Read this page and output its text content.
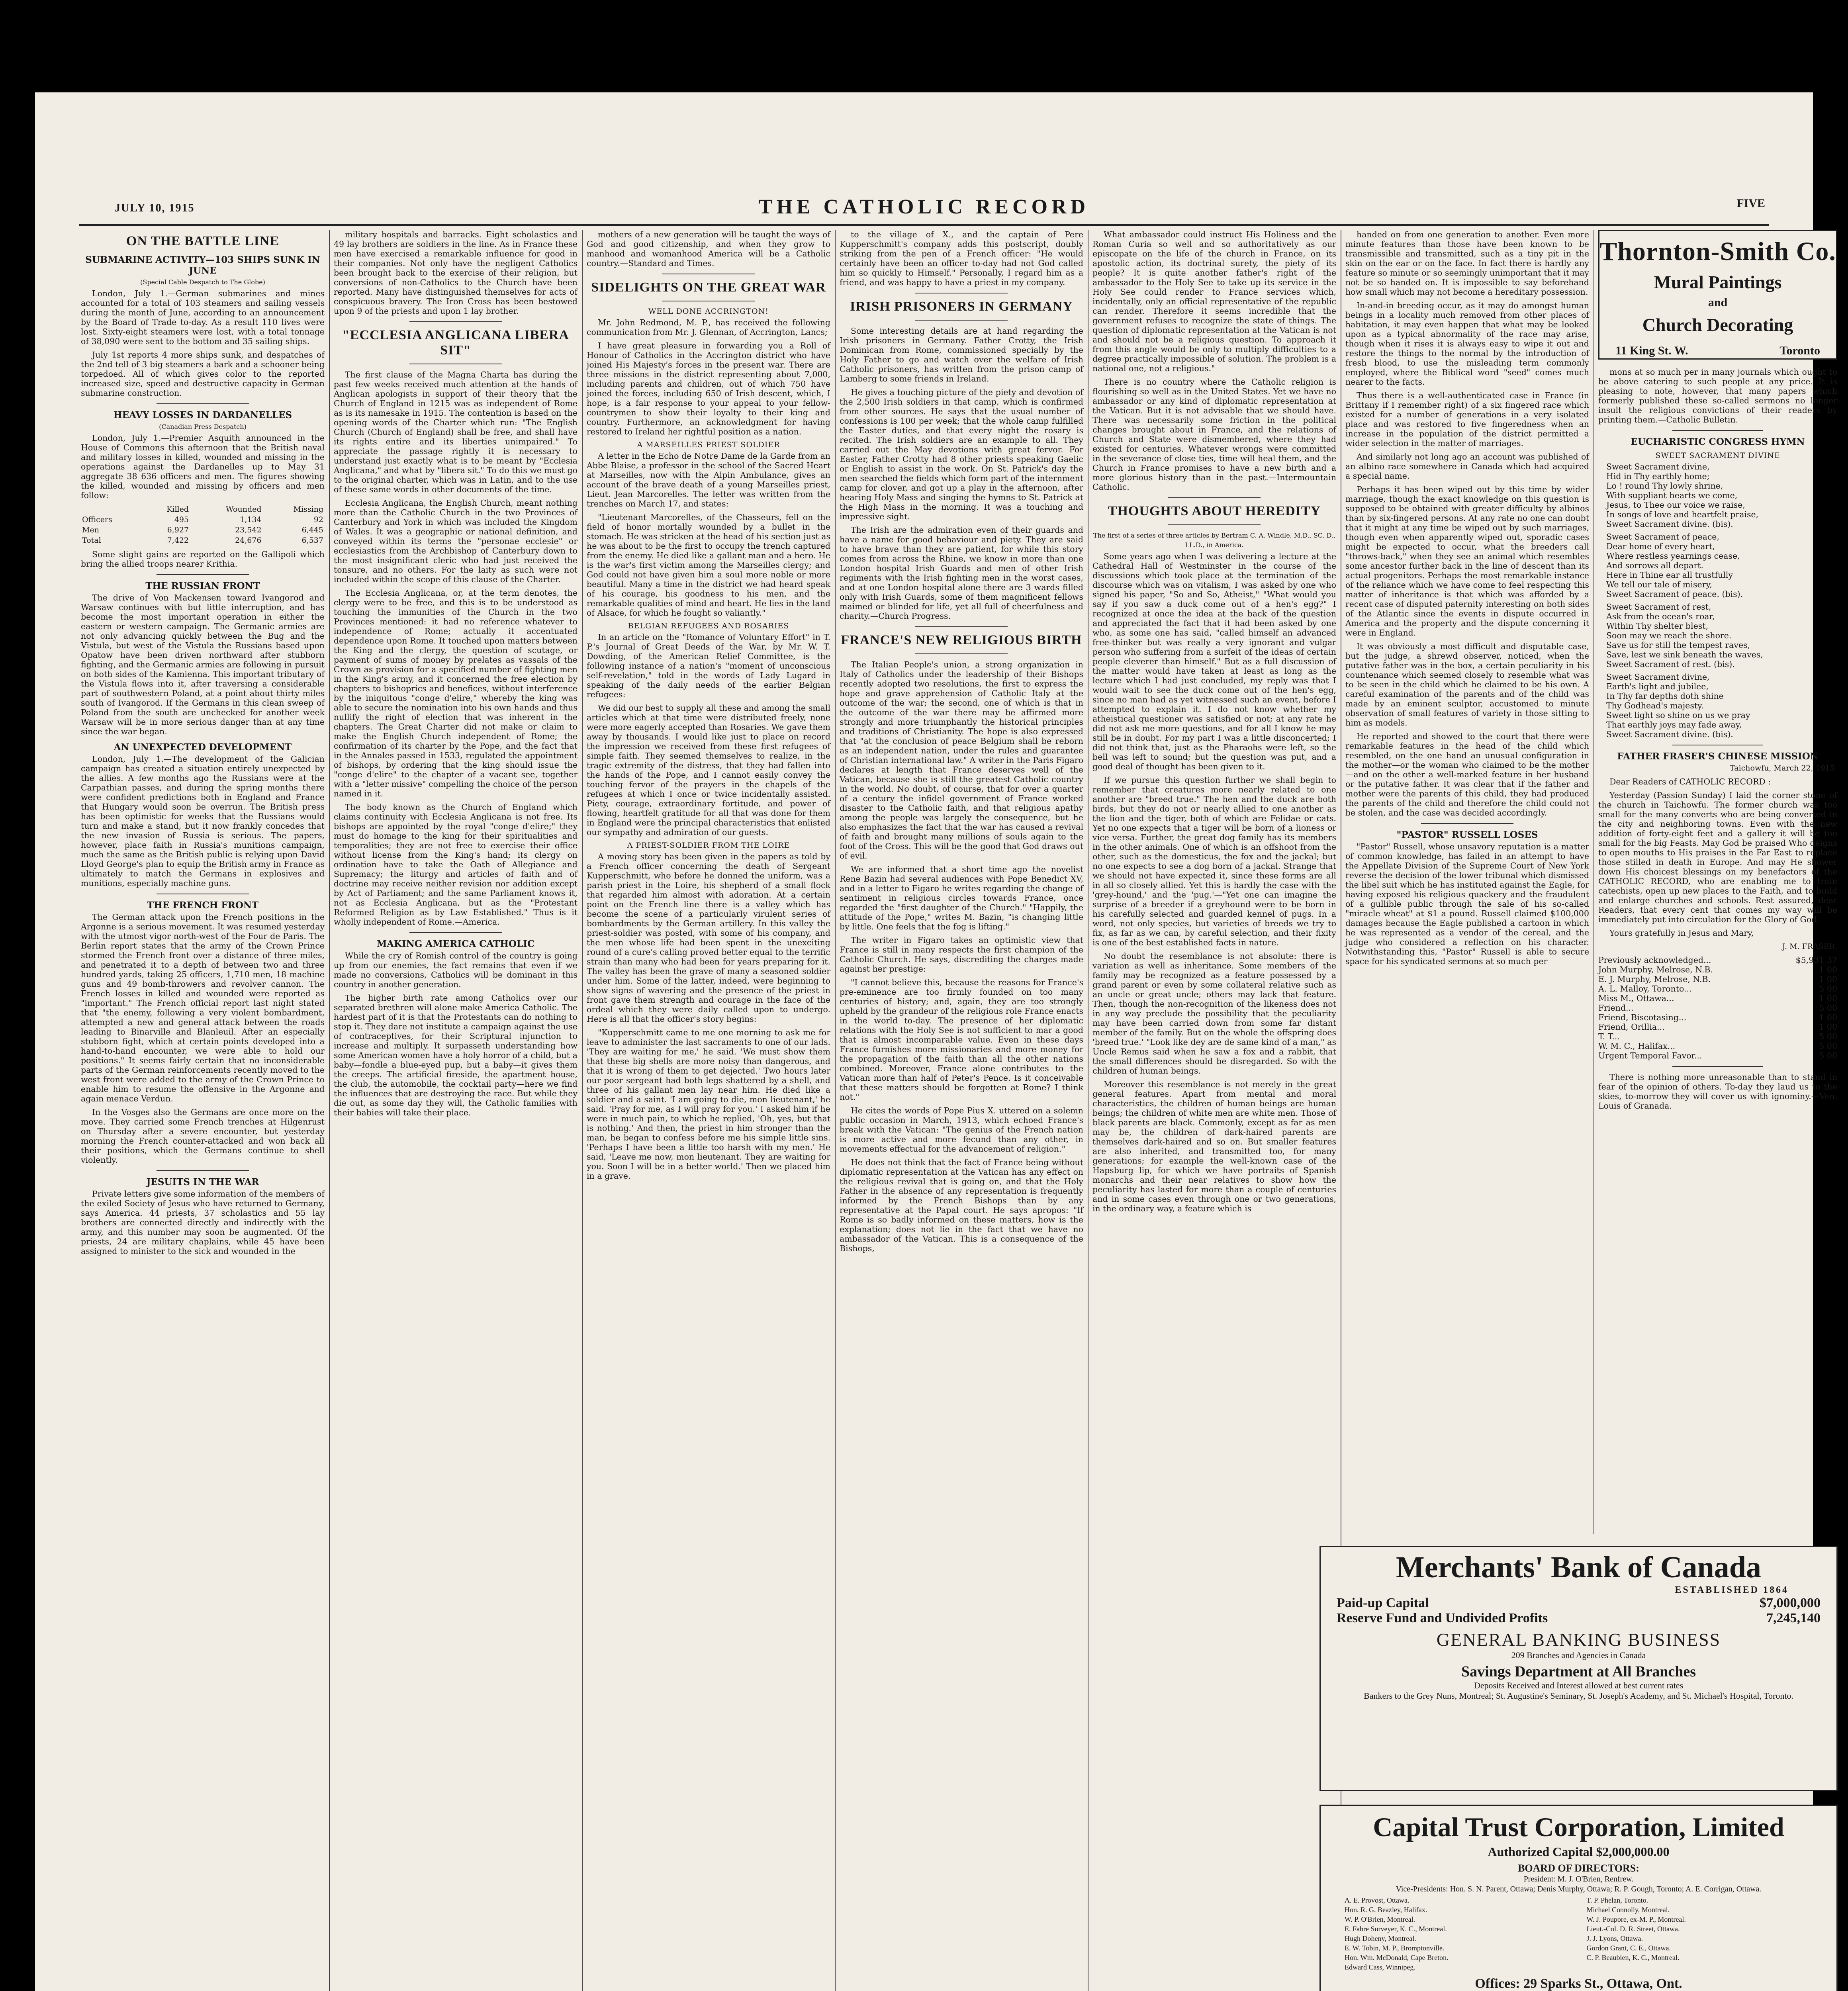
JULY 10, 1915	THE CATHOLIC RECORD	FIVE
ON THE BATTLE LINE
SUBMARINE ACTIVITY—103 SHIPS SUNK IN JUNE
(Special Cable Despatch to The Globe)

London, July 1.—German submarines and mines accounted for a total of 103 steamers and sailing vessels during the month of June, according to an announcement by the Board of Trade to-day. As a result 110 lives were lost. Sixty-eight steamers were lost, with a total tonnage of 38,090 were sent to the bottom and 35 sailing ships.

July 1st reports 4 more ships sunk, and despatches of the 2nd tell of 3 big steamers a bark and a schooner being torpedoed. All of which gives color to the reported increased size, speed and destructive capacity in German submarine construction.

HEAVY LOSSES IN DARDANELLES
(Canadian Press Despatch)

London, July 1.—Premier Asquith announced in the House of Commons this afternoon that the British naval and military losses in killed, wounded and missing in the operations against the Dardanelles up to May 31 aggregate 38 636 officers and men. The figures showing the killed, wounded and missing by officers and men follow:

	Killed	Wounded	Missing
Officers	495	1,134	92
Men	6,927	23,542	6,445
Total	7,422	24,676	6,537

Some slight gains are reported on the Gallipoli which bring the allied troops nearer Krithia.

THE RUSSIAN FRONT

The drive of Von Mackensen toward Ivangorod and Warsaw continues with but little interruption, and has become the most important operation in either the eastern or western campaign. The Germanic armies are not only advancing quickly between the Bug and the Vistula, but west of the Vistula the Russians based upon Opatow have been driven northward after stubborn fighting, and the Germanic armies are following in pursuit on both sides of the Kamienna. This important tributary of the Vistula flows into it, after traversing a considerable part of southwestern Poland, at a point about thirty miles south of Ivangorod. If the Germans in this clean sweep of Poland from the south are unchecked for another week Warsaw will be in more serious danger than at any time since the war began.

AN UNEXPECTED DEVELOPMENT

London, July 1.—The development of the Galician campaign has created a situation entirely unexpected by the allies. A few months ago the Russians were at the Carpathian passes, and during the spring months there were confident predictions both in England and France that Hungary would soon be overrun. The British press has been optimistic for weeks that the Russians would turn and make a stand, but it now frankly concedes that the new invasion of Russia is serious. The papers, however, place faith in Russia's munitions campaign, much the same as the British public is relying upon David Lloyd George's plan to equip the British army in France as ultimately to match the Germans in explosives and munitions, especially machine guns.

THE FRENCH FRONT

The German attack upon the French positions in the Argonne is a serious movement. It was resumed yesterday with the utmost vigor north-west of the Four de Paris. The Berlin report states that the army of the Crown Prince stormed the French front over a distance of three miles, and penetrated it to a depth of between two and three hundred yards, taking 25 officers, 1,710 men, 18 machine guns and 49 bomb-throwers and revolver cannon. The French losses in killed and wounded were reported as "important." The French official report last night stated that "the enemy, following a very violent bombardment, attempted a new and general attack between the roads leading to Binarville and Blanleuil. After an especially stubborn fight, which at certain points developed into a hand-to-hand encounter, we were able to hold our positions." It seems fairly certain that no inconsiderable parts of the German reinforcements recently moved to the west front were added to the army of the Crown Prince to enable him to resume the offensive in the Argonne and again menace Verdun.

In the Vosges also the Germans are once more on the move. They carried some French trenches at Hilgenrust on Thursday after a severe encounter, but yesterday morning the French counter-attacked and won back all their positions, which the Germans continue to shell violently.

JESUITS IN THE WAR

Private letters give some information of the members of the exiled Society of Jesus who have returned to Germany, says America. 44 priests, 37 scholastics and 55 lay brothers are connected directly and indirectly with the army, and this number may soon be augmented. Of the priests, 24 are military chaplains, while 45 have been assigned to minister to the sick and wounded in the

military hospitals and barracks. Eight scholastics and 49 lay brothers are soldiers in the line. As in France these men have exercised a remarkable influence for good in their companies. Not only have the negligent Catholics been brought back to the exercise of their religion, but conversions of non-Catholics to the Church have been reported. Many have distinguished themselves for acts of conspicuous bravery. The Iron Cross has been bestowed upon 9 of the priests and upon 1 lay brother.

"ECCLESIA ANGLICANA LIBERA SIT"

The first clause of the Magna Charta has during the past few weeks received much attention at the hands of Anglican apologists in support of their theory that the Church of England in 1215 was as independent of Rome as is its namesake in 1915. The contention is based on the opening words of the Charter which run: "The English Church (Church of England) shall be free, and shall have its rights entire and its liberties unimpaired." To appreciate the passage rightly it is necessary to understand just exactly what is to be meant by "Ecclesia Anglicana," and what by "libera sit." To do this we must go to the original charter, which was in Latin, and to the use of these same words in other documents of the time.

Ecclesia Anglicana, the English Church, meant nothing more than the Catholic Church in the two Provinces of Canterbury and York in which was included the Kingdom of Wales. It was a geographic or national definition, and conveyed within its terms the "personae ecclesie" or ecclesiastics from the Archbishop of Canterbury down to the most insignificant cleric who had just received the tonsure, and no others. For the laity as such were not included within the scope of this clause of the Charter.

The Ecclesia Anglicana, or, at the term denotes, the clergy were to be free, and this is to be understood as touching the immunities of the Church in the two Provinces mentioned: it had no reference whatever to independence of Rome; actually it accentuated dependence upon Rome. It touched upon matters between the King and the clergy, the question of scutage, or payment of sums of money by prelates as vassals of the Crown as provision for a specified number of fighting men in the King's army, and it concerned the free election by chapters to bishoprics and benefices, without interference by the iniquitous "conge d'elire," whereby the king was able to secure the nomination into his own hands and thus nullify the right of election that was inherent in the chapters. The Great Charter did not make or claim to make the English Church independent of Rome; the confirmation of its charter by the Pope, and the fact that in the Annales passed in 1533, regulated the appointment of bishops, by ordering that the king should issue the "conge d'elire" to the chapter of a vacant see, together with a "letter missive" compelling the choice of the person named in it.

The body known as the Church of England which claims continuity with Ecclesia Anglicana is not free. Its bishops are appointed by the royal "conge d'elire;" they must do homage to the king for their spiritualities and temporalities; they are not free to exercise their office without license from the King's hand; its clergy on ordination have to take the Oath of Allegiance and Supremacy; the liturgy and articles of faith and of doctrine may receive neither revision nor addition except by Act of Parliament; and the same Parliament knows it, not as Ecclesia Anglicana, but as the "Protestant Reformed Religion as by Law Established." Thus is it wholly independent of Rome.—America.

MAKING AMERICA CATHOLIC

While the cry of Romish control of the country is going up from our enemies, the fact remains that even if we made no conversions, Catholics will be dominant in this country in another generation.

The higher birth rate among Catholics over our separated brethren will alone make America Catholic. The hardest part of it is that the Protestants can do nothing to stop it. They dare not institute a campaign against the use of contraceptives, for their Scriptural injunction to increase and multiply. It surpasseth understanding how some American women have a holy horror of a child, but a baby—fondle a blue-eyed pup, but a baby—it gives them the creeps. The artificial fireside, the apartment house, the club, the automobile, the cocktail party—here we find the influences that are destroying the race. But while they die out, as some day they will, the Catholic families with their babies will take their place.

mothers of a new generation will be taught the ways of God and good citizenship, and when they grow to manhood and womanhood America will be a Catholic country.—Standard and Times.

SIDELIGHTS ON THE GREAT WAR
WELL DONE ACCRINGTON!

Mr. John Redmond, M. P., has received the following communication from Mr. J. Glennan, of Accrington, Lancs;

I have great pleasure in forwarding you a Roll of Honour of Catholics in the Accrington district who have joined His Majesty's forces in the present war. There are three missions in the district representing about 7,000, including parents and children, out of which 750 have joined the forces, including 650 of Irish descent, which, I hope, is a fair response to your appeal to your fellow-countrymen to show their loyalty to their king and country. Furthermore, an acknowledgment for having restored to Ireland her rightful position as a nation.

A MARSEILLES PRIEST SOLDIER

A letter in the Echo de Notre Dame de la Garde from an Abbe Blaise, a professor in the school of the Sacred Heart at Marseilles, now with the Alpin Ambulance, gives an account of the brave death of a young Marseilles priest, Lieut. Jean Marcorelles. The letter was written from the trenches on March 17, and states:

"Lieutenant Marcorelles, of the Chasseurs, fell on the field of honor mortally wounded by a bullet in the stomach. He was stricken at the head of his section just as he was about to be the first to occupy the trench captured from the enemy. He died like a gallant man and a hero. He is the war's first victim among the Marseilles clergy; and God could not have given him a soul more noble or more beautiful. Many a time in the district we had heard speak of his courage, his goodness to his men, and the remarkable qualities of mind and heart. He lies in the land of Alsace, for which he fought so valiantly."

BELGIAN REFUGEES AND ROSARIES

In an article on the "Romance of Voluntary Effort" in T. P.'s Journal of Great Deeds of the War, by Mr. W. T. Dowding, of the American Relief Committee, is the following instance of a nation's "moment of unconscious self-revelation," told in the words of Lady Lugard in speaking of the daily needs of the earlier Belgian refugees:

We did our best to supply all these and among the small articles which at that time were distributed freely, none were more eagerly accepted than Rosaries. We gave them away by thousands. I would like just to place on record the impression we received from these first refugees of simple faith. They seemed themselves to realize, in the tragic extremity of the distress, that they had fallen into the hands of the Pope, and I cannot easily convey the touching fervor of the prayers in the chapels of the refugees at which I once or twice incidentally assisted. Piety, courage, extraordinary fortitude, and power of flowing, heartfelt gratitude for all that was done for them in England were the principal characteristics that enlisted our sympathy and admiration of our guests.

A PRIEST-SOLDIER FROM THE LOIRE

A moving story has been given in the papers as told by a French officer concerning the death of Sergeant Kupperschmitt, who before he donned the uniform, was a parish priest in the Loire, his shepherd of a small flock that regarded him almost with adoration. At a certain point on the French line there is a valley which has become the scene of a particularly virulent series of bombardments by the German artillery. In this valley the priest-soldier was posted, with some of his company, and the men whose life had been spent in the unexciting round of a cure's calling proved better equal to the terrific strain than many who had been for years preparing for it. The valley has been the grave of many a seasoned soldier under him. Some of the latter, indeed, were beginning to show signs of wavering and the presence of the priest in front gave them strength and courage in the face of the ordeal which they were daily called upon to undergo. Here is all that the officer's story begins:

"Kupperschmitt came to me one morning to ask me for leave to administer the last sacraments to one of our lads. 'They are waiting for me,' he said. 'We must show them that these big shells are more noisy than dangerous, and that it is wrong of them to get dejected.' Two hours later our poor sergeant had both legs shattered by a shell, and three of his gallant men lay near him. He died like a soldier and a saint. 'I am going to die, mon lieutenant,' he said. 'Pray for me, as I will pray for you.' I asked him if he were in much pain, to which he replied, 'Oh, yes, but that is nothing.' And then, the priest in him stronger than the man, he began to confess before me his simple little sins. 'Perhaps I have been a little too harsh with my men.' He said, 'Leave me now, mon lieutenant. They are waiting for you. Soon I will be in a better world.' Then we placed him in a grave.

to the village of X., and the captain of Pere Kupperschmitt's company adds this postscript, doubly striking from the pen of a French officer: "He would certainly have been an officer to-day had not God called him so quickly to Himself." Personally, I regard him as a friend, and was happy to have a priest in my company.

IRISH PRISONERS IN GERMANY

Some interesting details are at hand regarding the Irish prisoners in Germany. Father Crotty, the Irish Dominican from Rome, commissioned specially by the Holy Father to go and watch over the welfare of Irish Catholic prisoners, has written from the prison camp of Lamberg to some friends in Ireland.

He gives a touching picture of the piety and devotion of the 2,500 Irish soldiers in that camp, which is confirmed from other sources. He says that the usual number of confessions is 100 per week; that the whole camp fulfilled the Easter duties, and that every night the rosary is recited. The Irish soldiers are an example to all. They carried out the May devotions with great fervor. For Easter, Father Crotty had 8 other priests speaking Gaelic or English to assist in the work. On St. Patrick's day the men searched the fields which form part of the internment camp for clover, and got up a play in the afternoon, after hearing Holy Mass and singing the hymns to St. Patrick at the High Mass in the morning. It was a touching and impressive sight.

The Irish are the admiration even of their guards and have a name for good behaviour and piety. They are said to have brave than they are patient, for while this story comes from across the Rhine, we know in more than one London hospital Irish Guards and men of other Irish regiments with the Irish fighting men in the worst cases, and at one London hospital alone there are 3 wards filled only with Irish Guards, some of them magnificent fellows maimed or blinded for life, yet all full of cheerfulness and charity.—Church Progress.

FRANCE'S NEW RELIGIOUS BIRTH

The Italian People's union, a strong organization in Italy of Catholics under the leadership of their Bishops recently adopted two resolutions, the first to express the hope and grave apprehension of Catholic Italy at the outcome of the war; the second, one of which is that in the outcome of the war there may be affirmed more strongly and more triumphantly the historical principles and traditions of Christianity. The hope is also expressed that "at the conclusion of peace Belgium shall be reborn as an independent nation, under the rules and guarantee of Christian international law." A writer in the Paris Figaro declares at length that France deserves well of the Vatican, because she is still the greatest Catholic country in the world. No doubt, of course, that for over a quarter of a century the infidel government of France worked disaster to the Catholic faith, and that religious apathy among the people was largely the consequence, but he also emphasizes the fact that the war has caused a revival of faith and brought many millions of souls again to the foot of the Cross. This will be the good that God draws out of evil.

We are informed that a short time ago the novelist Rene Bazin had several audiences with Pope Benedict XV, and in a letter to Figaro he writes regarding the change of sentiment in religious circles towards France, once regarded the "first daughter of the Church." "Happily, the attitude of the Pope," writes M. Bazin, "is changing little by little. One feels that the fog is lifting."

The writer in Figaro takes an optimistic view that France is still in many respects the first champion of the Catholic Church. He says, discrediting the charges made against her prestige:

"I cannot believe this, because the reasons for France's pre-eminence are too firmly founded on too many centuries of history; and, again, they are too strongly upheld by the grandeur of the religious role France enacts in the world to-day. The presence of her diplomatic relations with the Holy See is not sufficient to mar a good that is almost incomparable value. Even in these days France furnishes more missionaries and more money for the propagation of the faith than all the other nations combined. Moreover, France alone contributes to the Vatican more than half of Peter's Pence. Is it conceivable that these matters should be forgotten at Rome? I think not."

He cites the words of Pope Pius X. uttered on a solemn public occasion in March, 1913, which echoed France's break with the Vatican: "The genius of the French nation is more active and more fecund than any other, in movements effectual for the advancement of religion."

He does not think that the fact of France being without diplomatic representation at the Vatican has any effect on the religious revival that is going on, and that the Holy Father in the absence of any representation is frequently informed by the French Bishops than by any representative at the Papal court. He says apropos: "If Rome is so badly informed on these matters, how is the explanation; does not lie in the fact that we have no ambassador of the Vatican. This is a consequence of the Bishops,

What ambassador could instruct His Holiness and the Roman Curia so well and so authoritatively as our episcopate on the life of the church in France, on its apostolic action, its doctrinal surety, the piety of its people? It is quite another father's right of the ambassador to the Holy See to take up its service in the Holy See could render to France services which, incidentally, only an official representative of the republic can render. Therefore it seems incredible that the government refuses to recognize the state of things. The question of diplomatic representation at the Vatican is not and should not be a religious question. To approach it from this angle would be only to multiply difficulties to a degree practically impossible of solution. The problem is a national one, not a religious."

There is no country where the Catholic religion is flourishing so well as in the United States. Yet we have no ambassador or any kind of diplomatic representation at the Vatican. But it is not advisable that we should have. There was necessarily some friction in the political changes brought about in France, and the relations of Church and State were dismembered, where they had existed for centuries. Whatever wrongs were committed in the severance of close ties, time will heal them, and the Church in France promises to have a new birth and a more glorious history than in the past.—Intermountain Catholic.

THOUGHTS ABOUT HEREDITY
The first of a series of three articles by Bertram C. A. Windle, M.D., SC. D., LL.D., in America.

Some years ago when I was delivering a lecture at the Cathedral Hall of Westminster in the course of the discussions which took place at the termination of the discourse which was on vitalism, I was asked by one who signed his paper, "So and So, Atheist," "What would you say if you saw a duck come out of a hen's egg?" I recognized at once the idea at the back of the question and appreciated the fact that it had been asked by one who, as some one has said, "called himself an advanced free-thinker but was really a very ignorant and vulgar person who suffering from a surfeit of the ideas of certain people cleverer than himself." But as a full discussion of the matter would have taken at least as long as the lecture which I had just concluded, my reply was that I would wait to see the duck come out of the hen's egg, since no man had as yet witnessed such an event, before I attempted to explain it. I do not know whether my atheistical questioner was satisfied or not; at any rate he did not ask me more questions, and for all I know he may still be in doubt. For my part I was a little disconcerted; I did not think that, just as the Pharaohs were left, so the bell was left to sound; but the question was put, and a good deal of thought has been given to it.

If we pursue this question further we shall begin to remember that creatures more nearly related to one another are "breed true." The hen and the duck are both birds, but they do not or nearly allied to one another as the lion and the tiger, both of which are Felidae or cats. Yet no one expects that a tiger will be born of a lioness or vice versa. Further, the great dog family has its members in the other animals. One of which is an offshoot from the other, such as the domesticus, the fox and the jackal; but no one expects to see a dog born of a jackal. Strange that we should not have expected it, since these forms are all in all so closely allied. Yet this is hardly the case with the 'grey-hound,' and the 'pug.'—"Yet one can imagine the surprise of a breeder if a greyhound were to be born in his carefully selected and guarded kennel of pugs. In a word, not only species, but varieties of breeds we try to fix, as far as we can, by careful selection, and their fixity is one of the best established facts in nature.

No doubt the resemblance is not absolute: there is variation as well as inheritance. Some members of the family may be recognized as a feature possessed by a grand parent or even by some collateral relative such as an uncle or great uncle; others may lack that feature. Then, though the non-recognition of the likeness does not in any way preclude the possibility that the peculiarity may have been carried down from some far distant member of the family. But on the whole the offspring does 'breed true.' "Look like dey are de same kind of a man," as Uncle Remus said when he saw a fox and a rabbit, that the small differences should be disregarded. So with the children of human beings.

Moreover this resemblance is not merely in the great general features. Apart from mental and moral characteristics, the children of human beings are human beings; the children of white men are white men. Those of black parents are black. Commonly, except as far as men may be, the children of dark-haired parents are themselves dark-haired and so on. But smaller features are also inherited, and transmitted too, for many generations; for example the well-known case of the Hapsburg lip, for which we have portraits of Spanish monarchs and their near relatives to show how the peculiarity has lasted for more than a couple of centuries and in some cases even through one or two generations, in the ordinary way, a feature which is

handed on from one generation to another. Even more minute features than those have been known to be transmissible and transmitted, such as a tiny pit in the skin on the ear or on the face. In fact there is hardly any feature so minute or so seemingly unimportant that it may not be so handed on. It is impossible to say beforehand how small which may not become a hereditary possession.

In-and-in breeding occur, as it may do amongst human beings in a locality much removed from other places of habitation, it may even happen that what may be looked upon as a typical abnormality of the race may arise, though when it rises it is always easy to wipe it out and restore the things to the normal by the introduction of fresh blood, to use the misleading term commonly employed, where the Biblical word "seed" comes much nearer to the facts.

Thus there is a well-authenticated case in France (in Brittany if I remember right) of a six fingered race which existed for a number of generations in a very isolated place and was restored to five fingeredness when an increase in the population of the district permitted a wider selection in the matter of marriages.

And similarly not long ago an account was published of an albino race somewhere in Canada which had acquired a special name.

Perhaps it has been wiped out by this time by wider marriage, though the exact knowledge on this question is supposed to be obtained with greater difficulty by albinos than by six-fingered persons. At any rate no one can doubt that it might at any time be wiped out by such marriages, though even when apparently wiped out, sporadic cases might be expected to occur, what the breeders call "throws-back," when they see an animal which resembles some ancestor further back in the line of descent than its actual progenitors. Perhaps the most remarkable instance of the reliance which we have come to feel respecting this matter of inheritance is that which was afforded by a recent case of disputed paternity interesting on both sides of the Atlantic since the events in dispute occurred in America and the property and the dispute concerning it were in England.

It was obviously a most difficult and disputable case, but the judge, a shrewd observer, noticed, when the putative father was in the box, a certain peculiarity in his countenance which seemed closely to resemble what was to be seen in the child which he claimed to be his own. A careful examination of the parents and of the child was made by an eminent sculptor, accustomed to minute observation of small features of variety in those sitting to him as models.

He reported and showed to the court that there were remarkable features in the head of the child which resembled, on the one hand an unusual configuration in the mother—or the woman who claimed to be the mother—and on the other a well-marked feature in her husband or the putative father. It was clear that if the father and mother were the parents of this child, they had produced the parents of the child and therefore the child could not be stolen, and the case was decided accordingly.

"PASTOR" RUSSELL LOSES

"Pastor" Russell, whose unsavory reputation is a matter of common knowledge, has failed in an attempt to have the Appellate Division of the Supreme Court of New York reverse the decision of the lower tribunal which dismissed the libel suit which he has instituted against the Eagle, for having exposed his religious quackery and the fraudulent of a gullible public through the sale of his so-called "miracle wheat" at $1 a pound. Russell claimed $100,000 damages because the Eagle published a cartoon in which he was represented as a vendor of the cereal, and the judge who considered a reflection on his character. Notwithstanding this, "Pastor" Russell is able to secure space for his syndicated sermons at so much per

mons at so much per in many journals which ought to be above catering to such people at any price. It is pleasing to note, however, that many papers which formerly published these so-called sermons no longer insult the religious convictions of their readers by printing them.—Catholic Bulletin.

EUCHARISTIC CONGRESS HYMN
SWEET SACRAMENT DIVINE
Sweet Sacrament divine,
Hid in Thy earthly home;
Lo ! round Thy lowly shrine,
With suppliant hearts we come,
Jesus, to Thee our voice we raise,
In songs of love and heartfelt praise,
Sweet Sacrament divine. (bis).
Sweet Sacrament of peace,
Dear home of every heart,
Where restless yearnings cease,
And sorrows all depart.
Here in Thine ear all trustfully
We tell our tale of misery,
Sweet Sacrament of peace. (bis).
Sweet Sacrament of rest,
Ask from the ocean's roar,
Within Thy shelter blest,
Soon may we reach the shore.
Save us for still the tempest raves,
Save, lest we sink beneath the waves,
Sweet Sacrament of rest. (bis).
Sweet Sacrament divine,
Earth's light and jubilee,
In Thy far depths doth shine
Thy Godhead's majesty.
Sweet light so shine on us we pray
That earthly joys may fade away,
Sweet Sacrament divine. (bis).
FATHER FRASER'S CHINESE MISSION

Taichowfu, March 22, 1915.

Dear Readers of CATHOLIC RECORD :

Yesterday (Passion Sunday) I laid the corner stone of the church in Taichowfu. The former church was too small for the many converts who are being converted in the city and neighboring towns. Even with the new addition of forty-eight feet and a gallery it will be too small for the big Feasts. May God be praised Who deigns to open mouths to His praises in the Far East to replace those stilled in death in Europe. And may He shower down His choicest blessings on my benefactors of the CATHOLIC RECORD, who are enabling me to train catechists, open up new places to the Faith, and to build and enlarge churches and schools. Rest assured, dear Readers, that every cent that comes my way will be immediately put into circulation for the Glory of God.

Yours gratefully in Jesus and Mary,

J. M. FRASER.

Previously acknowledged...	$5,931 37
John Murphy, Melrose, N.B.	1 00
E. J. Murphy, Melrose, N.B.	1 00
A. L. Malloy, Toronto...	5 00
Miss M., Ottawa...	1 00
Friend...	5 00
Friend, Biscotasing...	1 00
Friend, Orillia...	1 00
T. T...	5 00
W. M. C., Halifax...	5 00
Urgent Temporal Favor...	5 00

There is nothing more unreasonable than to stand in fear of the opinion of others. To-day they laud us to the skies, to-morrow they will cover us with ignominy.—Ven. Louis of Granada.

Thornton-Smith Co.
Mural Paintings
and
Church Decorating
11 King St. W.	Toronto
Merchants' Bank of Canada
ESTABLISHED 1864
Paid-up Capital	$7,000,000
Reserve Fund and Undivided Profits	7,245,140
GENERAL BANKING BUSINESS
209 Branches and Agencies in Canada
Savings Department at All Branches
Deposits Received and Interest allowed at best current rates
Bankers to the Grey Nuns, Montreal; St. Augustine's Seminary, St. Joseph's Academy, and St. Michael's Hospital, Toronto.
Capital Trust Corporation, Limited
Authorized Capital $2,000,000.00
BOARD OF DIRECTORS:
President: M. J. O'Brien, Renfrew.
Vice-Presidents: Hon. S. N. Parent, Ottawa; Denis Murphy, Ottawa; R. P. Gough, Toronto; A. E. Corrigan, Ottawa.
A. E. Provost, Ottawa.	T. P. Phelan, Toronto.
Hon. R. G. Beazley, Halifax.	Michael Connolly, Montreal.
W. P. O'Brien, Montreal.	W. J. Poupore, ex-M. P., Montreal.
E. Fabre Surveyer, K. C., Montreal.	Lieut.-Col. D. R. Street, Ottawa.
Hugh Doheny, Montreal.	J. J. Lyons, Ottawa.
E. W. Tobin, M. P., Bromptonville.	Gordon Grant, C. E., Ottawa.
Hon. Wm. McDonald, Cape Breton.	C. P. Beaubien, K. C., Montreal.
Edward Cass, Winnipeg.
Offices: 29 Sparks St., Ottawa, Ont.
